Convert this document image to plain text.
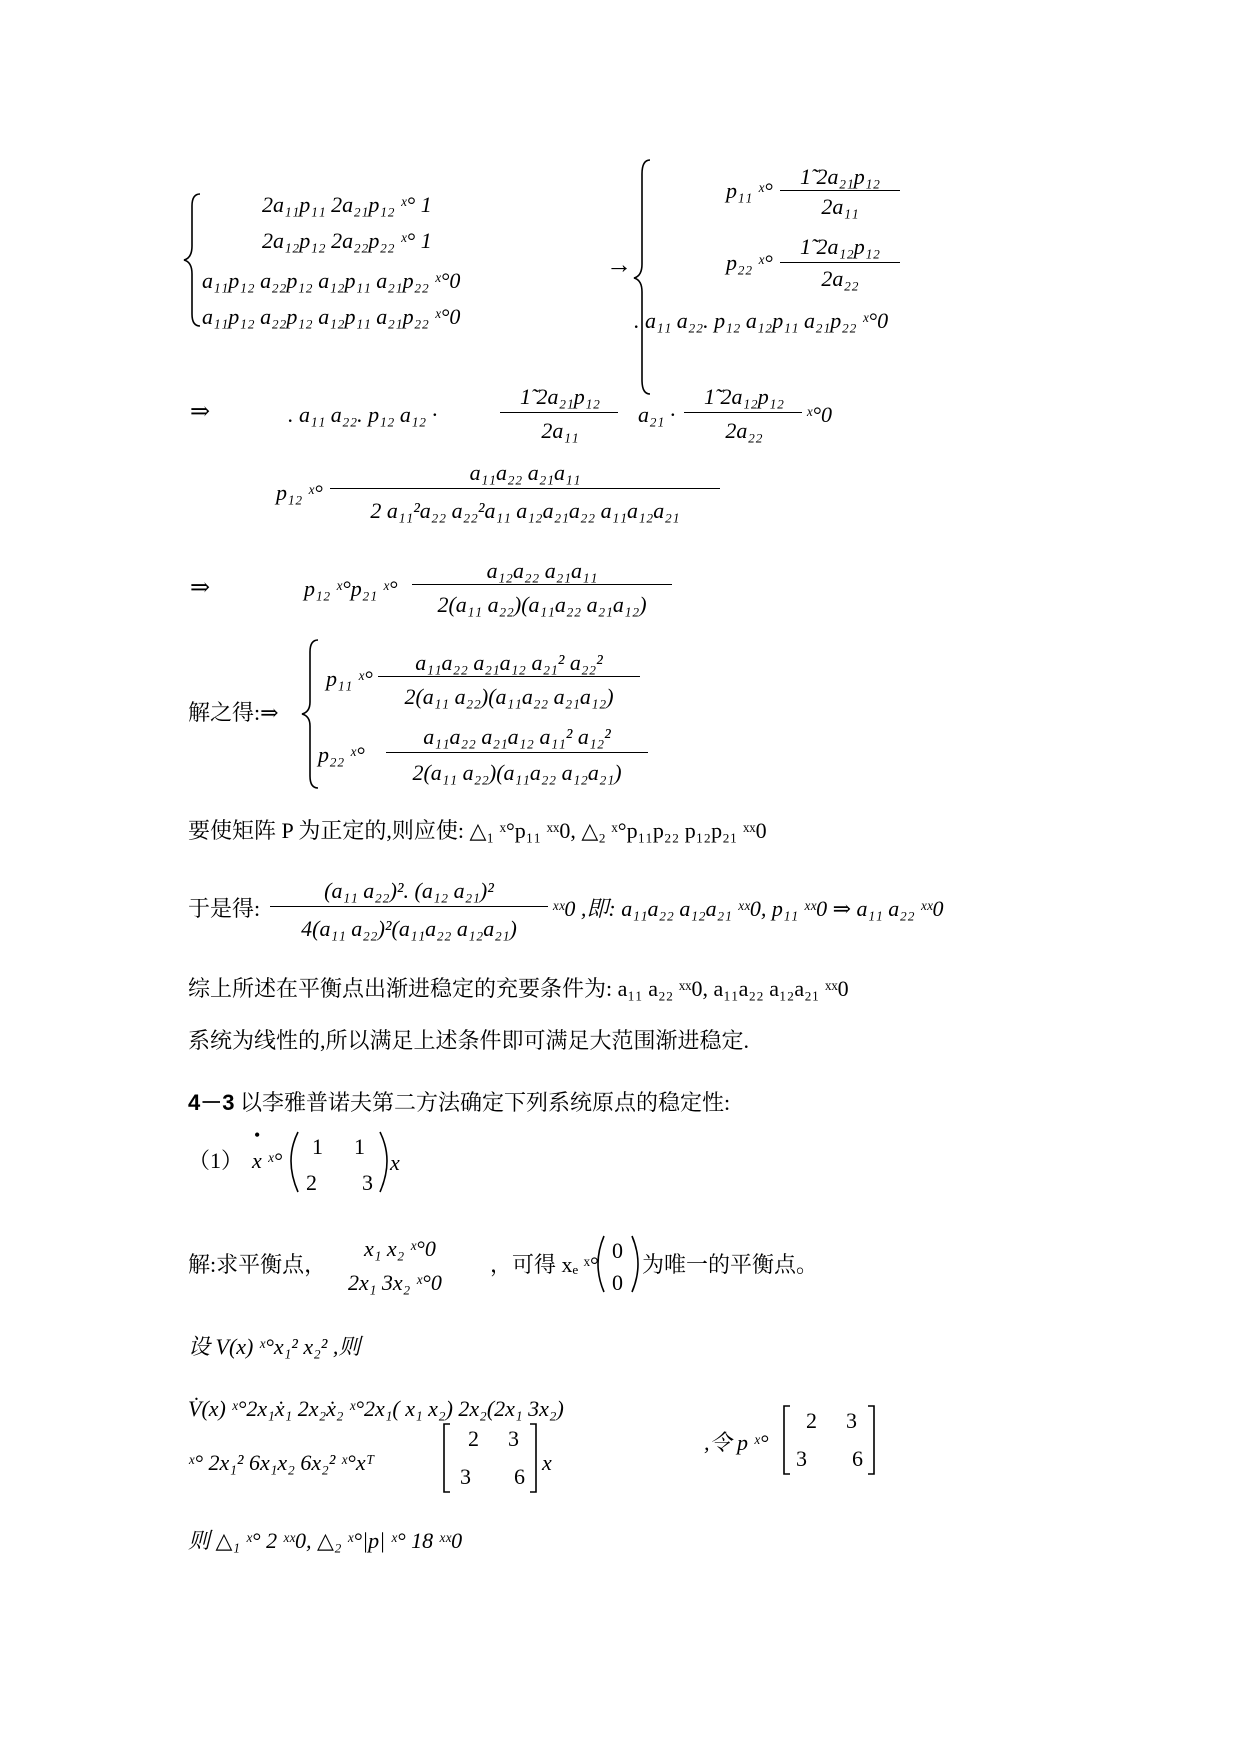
2a₁₁p₁₁ 2a₂₁p₁₂ ˣ° 1
2a₁₂p₁₂ 2a₂₂p₂₂ ˣ° 1
a₁₁p₁₂ a₂₂p₁₂ a₁₂p₁₁ a₂₁p₂₂ ˣ°0
a₁₁p₁₂ a₂₂p₁₂ a₁₂p₁₁ a₂₁p₂₂ ˣ°0
→
p₁₁ ˣ°
1̃ 2a₂₁p₁₂
2a₁₁
p₂₂ ˣ°
1̃ 2a₁₂p₁₂
2a₂₂
. a₁₁ a₂₂. p₁₂ a₁₂p₁₁ a₂₁p₂₂ ˣ°0
⇒	. a₁₁ a₂₂. p₁₂ a₁₂ ·
1̃ 2a₂₁p₁₂
2a₁₁
a₂₁ ·
1̃ 2a₁₂p₁₂
2a₂₂
ˣ°0
p₁₂ ˣ°
a₁₁a₂₂ a₂₁a₁₁
2 a₁₁²a₂₂ a₂₂²a₁₁ a₁₂a₂₁a₂₂ a₁₁a₁₂a₂₁
⇒	p₁₂ ˣ°p₂₁ ˣ°
a₁₂a₂₂ a₂₁a₁₁
2(a₁₁ a₂₂)(a₁₁a₂₂ a₂₁a₁₂)
解之得:⇒
p₁₁ ˣ°
a₁₁a₂₂ a₂₁a₁₂ a₂₁² a₂₂²
2(a₁₁ a₂₂)(a₁₁a₂₂ a₂₁a₁₂)
p₂₂ ˣ°
a₁₁a₂₂ a₂₁a₁₂ a₁₁² a₁₂²
2(a₁₁ a₂₂)(a₁₁a₂₂ a₁₂a₂₁)
要使矩阵 P 为正定的,则应使: △₁ ˣ°p₁₁ ˣˣ0, △₂ ˣ°p₁₁p₂₂ p₁₂p₂₁ ˣˣ0
于是得:
(a₁₁ a₂₂)². (a₁₂ a₂₁)²
4(a₁₁ a₂₂)²(a₁₁a₂₂ a₁₂a₂₁)
ˣˣ0 ,即: a₁₁a₂₂ a₁₂a₂₁ ˣˣ0, p₁₁ ˣˣ0 ⇒ a₁₁ a₂₂ ˣˣ0
综上所述在平衡点出渐进稳定的充要条件为: a₁₁ a₂₂ ˣˣ0, a₁₁a₂₂ a₁₂a₂₁ ˣˣ0
系统为线性的,所以满足上述条件即可满足大范围渐进稳定.
4－3 以李雅普诺夫第二方法确定下列系统原点的稳定性:
（1）
•
x ˣ°
1 1
2 3
x
解:求平衡点，
x₁ x₂ ˣ°0
2x₁ 3x₂ ˣ°0
，可得 xₑ ˣ°
0
0
为唯一的平衡点。
设 V(x) ˣ°x₁² x₂² ,则
V̇(x) ˣ°2x₁ẋ₁ 2x₂ẋ₂ ˣ°2x₁( x₁ x₂) 2x₂(2x₁ 3x₂)
ˣ° 2x₁² 6x₁x₂ 6x₂² ˣ°xᵀ
2 3
3 6
x
,令 p ˣ°
2 3
3 6
则 △₁ ˣ° 2 ˣˣ0, △₂ ˣ°|p| ˣ° 18 ˣˣ0
